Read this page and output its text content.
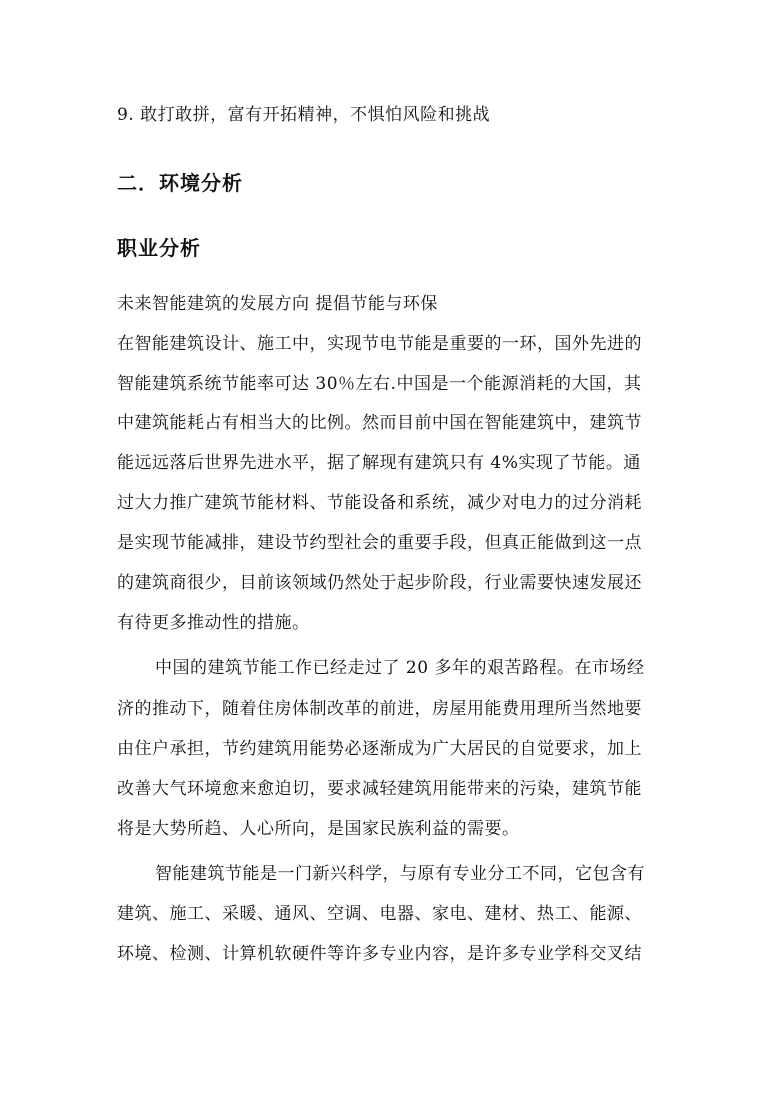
9. 敢打敢拼，富有开拓精神，不惧怕风险和挑战
二．环境分析
职业分析
未来智能建筑的发展方向 提倡节能与环保
在智能建筑设计、施工中，实现节电节能是重要的一环，国外先进的
智能建筑系统节能率可达 30％左右.中国是一个能源消耗的大国，其
中建筑能耗占有相当大的比例。然而目前中国在智能建筑中，建筑节
能远远落后世界先进水平，据了解现有建筑只有 4%实现了节能。通
过大力推广建筑节能材料、节能设备和系统，减少对电力的过分消耗
是实现节能减排，建设节约型社会的重要手段，但真正能做到这一点
的建筑商很少，目前该领域仍然处于起步阶段，行业需要快速发展还
有待更多推动性的措施。
中国的建筑节能工作已经走过了 20 多年的艰苦路程。在市场经
济的推动下，随着住房体制改革的前进，房屋用能费用理所当然地要
由住户承担，节约建筑用能势必逐渐成为广大居民的自觉要求，加上
改善大气环境愈来愈迫切，要求减轻建筑用能带来的污染，建筑节能
将是大势所趋、人心所向，是国家民族利益的需要。
智能建筑节能是一门新兴科学，与原有专业分工不同，它包含有
建筑、施工、采暖、通风、空调、电器、家电、建材、热工、能源、
环境、检测、计算机软硬件等许多专业内容，是许多专业学科交叉结
